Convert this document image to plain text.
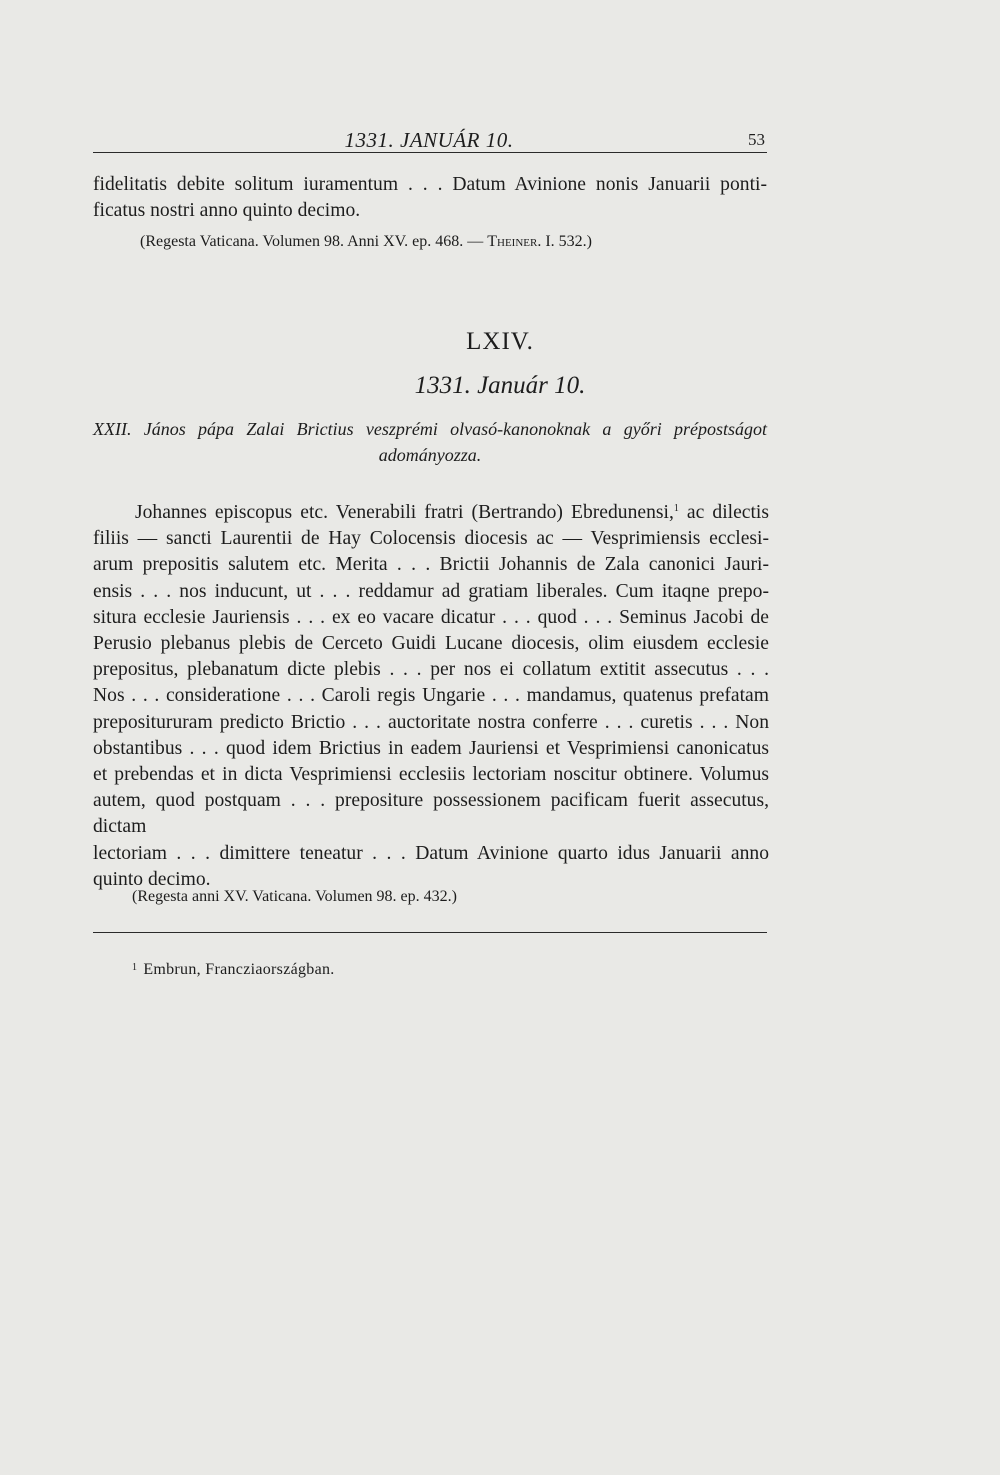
1331. JANUÁR 10.	53

fidelitatis debite solitum iuramentum . . . Datum Avinione nonis Januarii ponti-

ficatus nostri anno quinto decimo.

(Regesta Vaticana. Volumen 98. Anni XV. ep. 468. — Theiner. I. 532.)
LXIV.
1331. Január 10.
XXII. János pápa Zalai Brictius veszprémi olvasó-kanonoknak a győri prépostságot
adományozza.

Johannes episcopus etc. Venerabili fratri (Bertrando) Ebredunensi,$^1$ ac dilectis

filiis — sancti Laurentii de Hay Colocensis diocesis ac — Vesprimiensis ecclesi-

arum prepositis salutem etc. Merita . . . Brictii Johannis de Zala canonici Jauri-

ensis . . . nos inducunt, ut . . . reddamur ad gratiam liberales. Cum itaqne prepo-

situra ecclesie Jauriensis . . . ex eo vacare dicatur . . . quod . . . Seminus Jacobi de

Perusio plebanus plebis de Cerceto Guidi Lucane diocesis, olim eiusdem ecclesie

prepositus, plebanatum dicte plebis . . . per nos ei collatum extitit assecutus . . .

Nos . . . consideratione . . . Caroli regis Ungarie . . . mandamus, quatenus prefatam

prepositururam predicto Brictio . . . auctoritate nostra conferre . . . curetis . . . Non

obstantibus . . . quod idem Brictius in eadem Jauriensi et Vesprimiensi canonicatus

et prebendas et in dicta Vesprimiensi ecclesiis lectoriam noscitur obtinere. Volumus

autem, quod postquam . . . prepositure possessionem pacificam fuerit assecutus, dictam

lectoriam . . . dimittere teneatur . . . Datum Avinione quarto idus Januarii anno

quinto decimo.

(Regesta anni XV. Vaticana. Volumen 98. ep. 432.)
$^1$ Embrun, Francziaországban.
